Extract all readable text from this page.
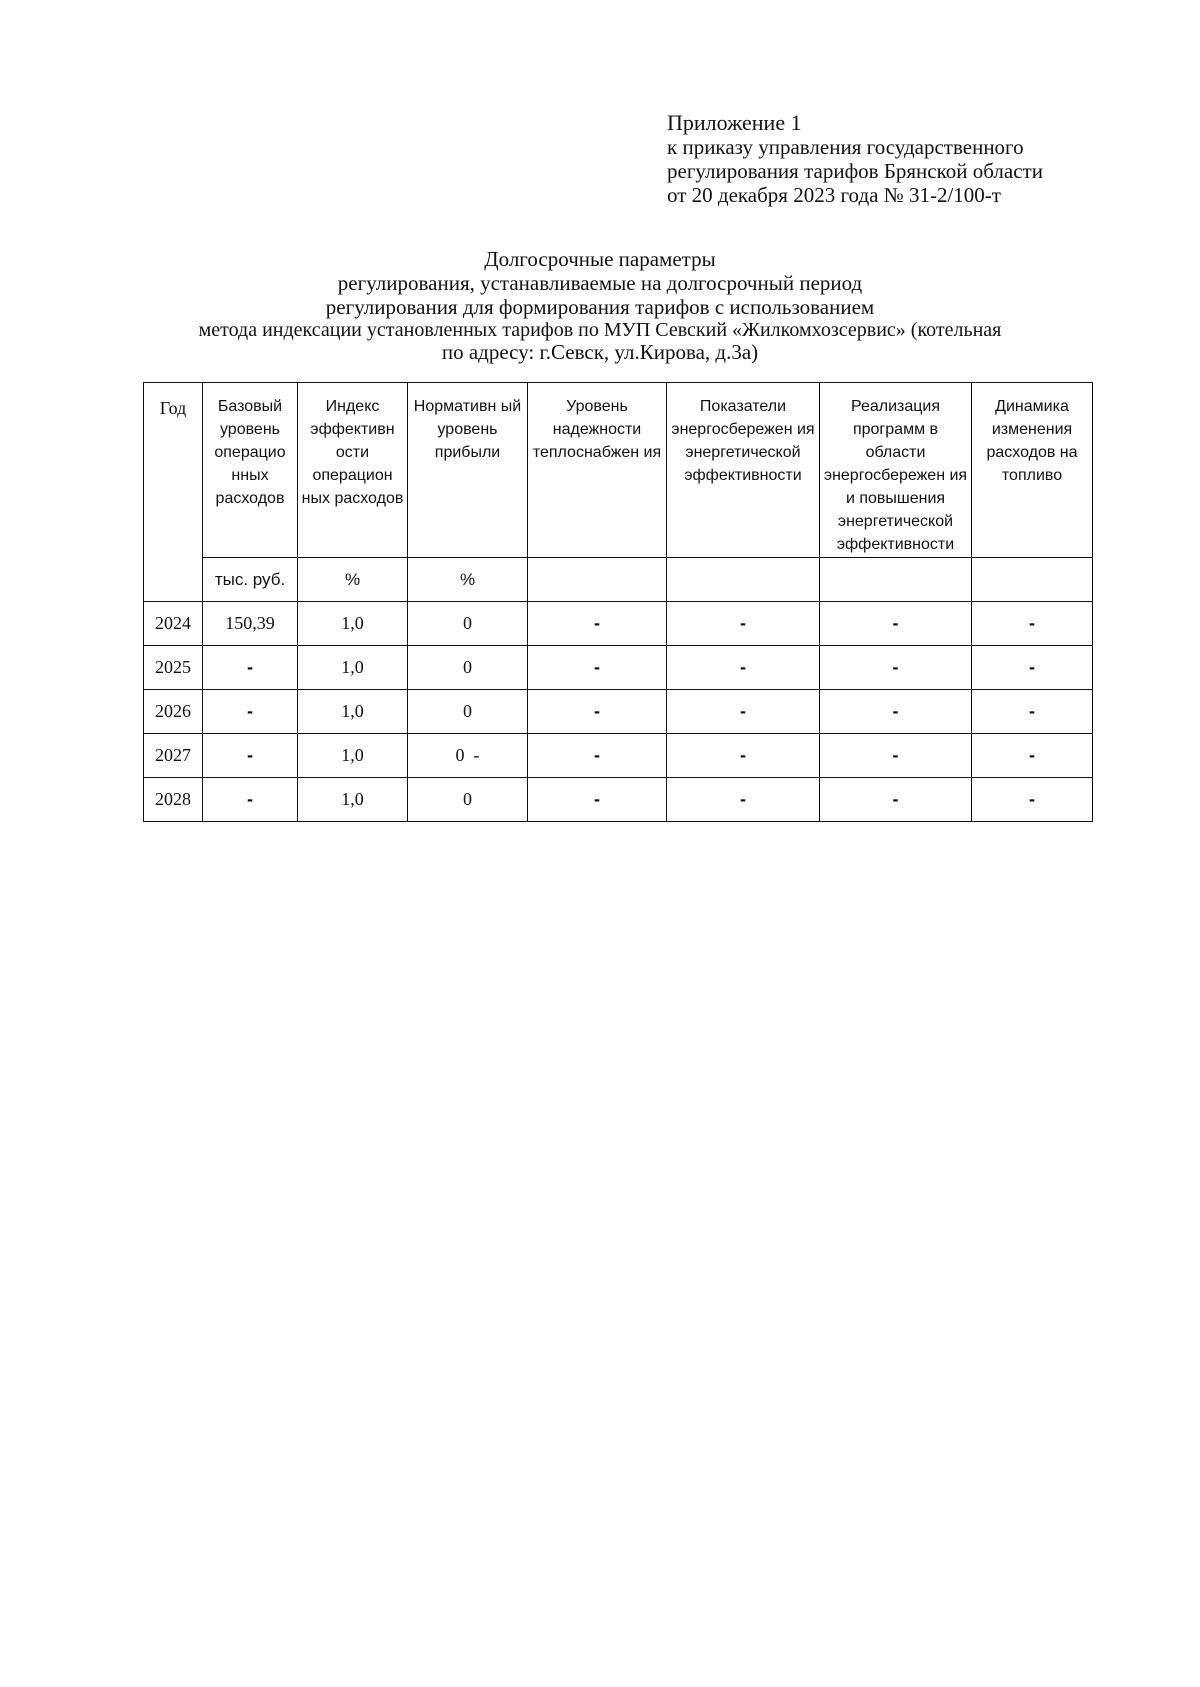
Приложение 1
к приказу управления государственного
регулирования тарифов Брянской области
от 20 декабря 2023 года № 31-2/100-т
Долгосрочные параметры
регулирования, устанавливаемые на долгосрочный период
регулирования для формирования тарифов с использованием
метода индексации установленных тарифов по МУП Севский «Жилкомхозсервис» (котельная
по адресу: г.Севск, ул.Кирова, д.3а)
Год	Базовый уровень операцио нных расходов	Индекс эффективн ости операцион ных расходов	Нормативн ый уровень прибыли	Уровень надежности теплоснабжен ия	Показатели энергосбережен ия энергетической эффективности	Реализация программ в области энергосбережен ия и повышения энергетической эффективности	Динамика изменения расходов на топливо
	тыс. руб.	%	%				
2024	150,39	1,0	0	-	-	-	-
2025	-	1,0	0	-	-	-	-
2026	-	1,0	0	-	-	-	-
2027	-	1,0	0  -	-	-	-	-
2028	-	1,0	0	-	-	-	-
